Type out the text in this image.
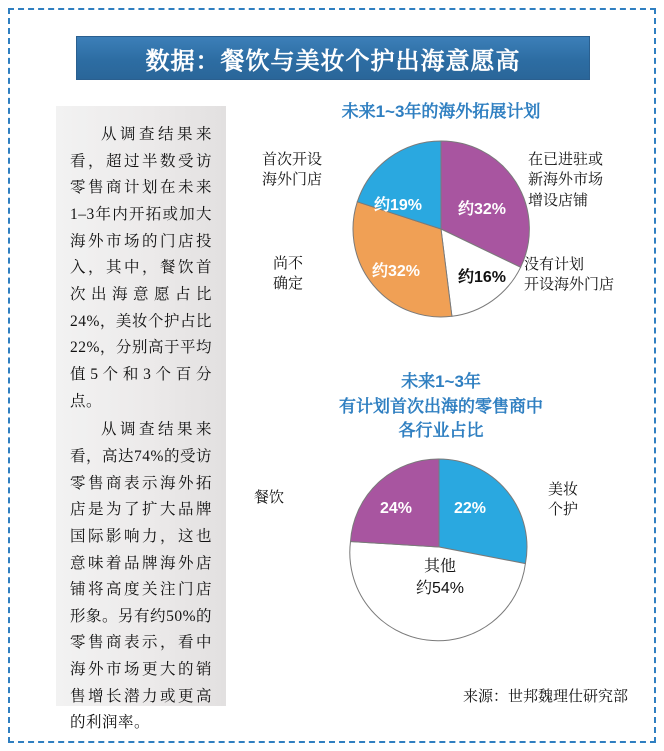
数据：餐饮与美妆个护出海意愿高

从调查结果来看，超过半数受访零售商计划在未来1–3年内开拓或加大海外市场的门店投入，其中，餐饮首次出海意愿占比24%，美妆个护占比22%，分别高于平均值5个和3个百分点。

从调查结果来看，高达74%的受访零售商表示海外拓店是为了扩大品牌国际影响力，这也意味着品牌海外店铺将高度关注门店形象。另有约50%的零售商表示，看中海外市场更大的销售增长潜力或更高的利润率。

未来1~3年的海外拓展计划
约32%
约16%
约32%
约19%
首次开设
海外门店
在已进驻或
新海外市场
增设店铺
没有计划
开设海外门店
尚不
确定
未来1~3年
有计划首次出海的零售商中
各行业占比
24%	22%
其他
约54%
餐饮	美妆
个护
来源：世邦魏理仕研究部
